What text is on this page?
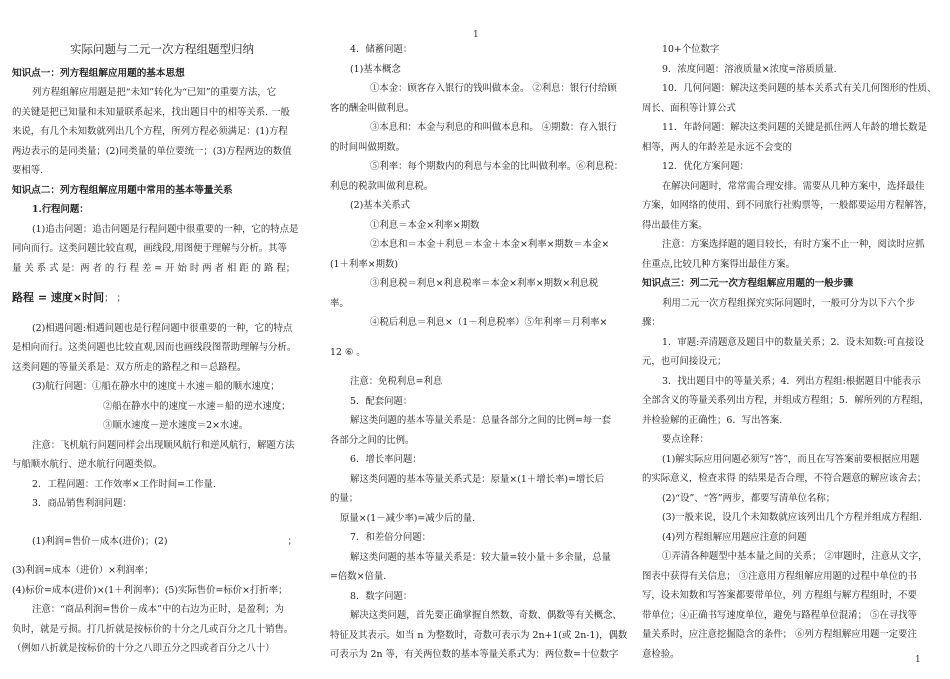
1
1

实际问题与二元一次方程组题型归纳

知识点一：列方程组解应用题的基本思想

列方程组解应用题是把“未知”转化为“已知”的重要方法，它

的关键是把已知量和未知量联系起来，找出题目中的相等关系. 一般

来说，有几个未知数就列出几个方程，所列方程必须满足：(1)方程

两边表示的是同类量；(2)同类量的单位要统一；(3)方程两边的数值

要相等.

知识点二：列方程组解应用题中常用的基本等量关系

1.行程问题：

(1)追击问题：追击问题是行程问题中很重要的一种，它的特点是

同向而行。这类问题比较直观，画线段,用图便于理解与分析。其等

量 关 系 式 是：两 者 的 行 程 差 = 开 始 时 两 者 相 距 的 路 程；

路程 = 速度×时间； ；

(2)相遇问题:相遇问题也是行程问题中很重要的一种，它的特点

是相向而行。这类问题也比较直观,因而也画线段图帮助理解与分析。

这类问题的等量关系是：双方所走的路程之和＝总路程。

(3)航行问题：①船在静水中的速度＋水速＝船的顺水速度；

②船在静水中的速度－水速＝船的逆水速度；

③顺水速度－逆水速度＝2×水速。

注意：飞机航行问题同样会出现顺风航行和逆风航行，解题方法

与船顺水航行、逆水航行问题类似。

2．工程问题：工作效率×工作时间=工作量.

3．商品销售利润问题：

(1)利润=售价－成本(进价)；(2)	；

(3)利润=成本（进价）×利润率；

(4)标价=成本(进价)×(1＋利润率)；(5)实际售价=标价×打折率；

注意：“商品利润=售价－成本”中的右边为正时，是盈利；为

负时，就是亏损。打几折就是按标价的十分之几或百分之几十销售。

（例如八折就是按标价的十分之八即五分之四或者百分之八十）

4．储蓄问题：

(1)基本概念

①本金：顾客存入银行的钱叫做本金。 ②利息：银行付给顾

客的酬金叫做利息。

③本息和：本金与利息的和叫做本息和。 ④期数：存入银行

的时间叫做期数。

⑤利率：每个期数内的利息与本金的比叫做利率。⑥利息税：

利息的税款叫做利息税。

(2)基本关系式

①利息＝本金×利率×期数

②本息和＝本金＋利息＝本金＋本金×利率×期数＝本金×

(1＋利率×期数)

③利息税＝利息×利息税率＝本金×利率×期数×利息税

率。

④税后利息＝利息×（1－利息税率）⑤年利率＝月利率×

12 ⑥ 。

注意：免税利息=利息

5．配套问题：

解这类问题的基本等量关系是：总量各部分之间的比例=每一套

各部分之间的比例。

6．增长率问题：

解这类问题的基本等量关系式是：原量×(1＋增长率)=增长后

的量；

原量×(1－减少率)=减少后的量.

7．和差倍分问题：

解这类问题的基本等量关系是：较大量=较小量＋多余量，总量

=倍数×倍量.

8．数字问题：

解决这类问题，首先要正确掌握自然数、奇数、偶数等有关概念、

特征及其表示。如当 n 为整数时，奇数可表示为 2n+1(或 2n-1)，偶数

可表示为 2n 等，有关两位数的基本等量关系式为：两位数=十位数字

10+个位数字

9．浓度问题：溶液质量×浓度=溶质质量.

10．几何问题：解决这类问题的基本关系式有关几何图形的性质、

周长、面积等计算公式

11．年龄问题：解决这类问题的关键是抓住两人年龄的增长数是

相等，两人的年龄差是永远不会变的

12．优化方案问题：

在解决问题时，常常需合理安排。需要从几种方案中，选择最佳

方案，如网络的使用、到不同旅行社购票等，一般都要运用方程解答，

得出最佳方案。

注意：方案选择题的题目较长，有时方案不止一种，阅读时应抓

住重点,比较几种方案得出最佳方案。

知识点三：列二元一次方程组解应用题的一般步骤

利用二元一次方程组探究实际问题时，一般可分为以下六个步

骤：

1．审题:弄清题意及题目中的数量关系；2．设未知数:可直接设

元，也可间接设元；

3．找出题目中的等量关系；4．列出方程组:根据题目中能表示

全部含义的等量关系列出方程，并组成方程组；5．解所列的方程组，

并检验解的正确性；6．写出答案.

要点诠释：

(1)解实际应用问题必须写“答”，而且在写答案前要根据应用题

的实际意义，检查求得 的结果是否合理，不符合题意的解应该舍去；

(2)“设”、“答”两步，都要写清单位名称；

(3)一般来说，设几个未知数就应该列出几个方程并组成方程组.

(4)列方程组解应用题应注意的问题

①弄清各种题型中基本量之间的关系； ②审题时，注意从文字，

图表中获得有关信息； ③注意用方程组解应用题的过程中单位的书

写，设未知数和写答案都要带单位，列 方程组与解方程组时，不要

带单位；④正确书写速度单位，避免与路程单位混淆； ⑤在寻找等

量关系时，应注意挖掘隐含的条件； ⑥列方程组解应用题一定要注

意检验。
